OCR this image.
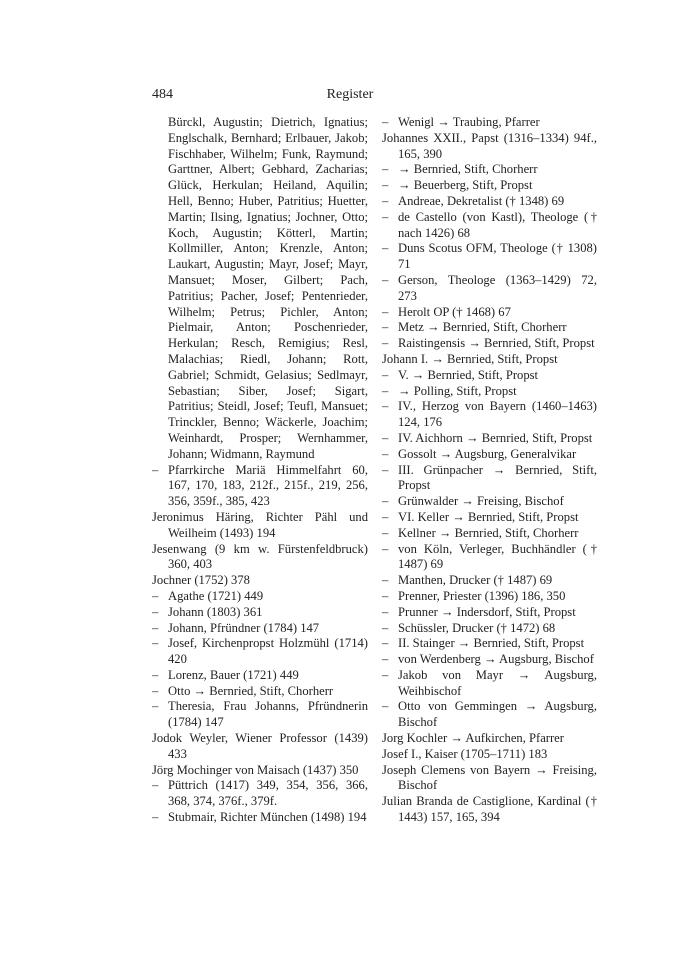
484	Register
Bürckl, Augustin; Dietrich, Ignatius; Englschalk, Bernhard; Erlbauer, Jakob; Fischhaber, Wilhelm; Funk, Raymund; Garttner, Albert; Gebhard, Zacharias; Glück, Herkulan; Heiland, Aquilin; Hell, Benno; Huber, Patritius; Huetter, Martin; Ilsing, Ignatius; Jochner, Otto; Koch, Augustin; Kötterl, Martin; Kollmiller, Anton; Krenzle, Anton; Laukart, Augustin; Mayr, Josef; Mayr, Mansuet; Moser, Gilbert; Pach, Patritius; Pacher, Josef; Pentenrieder, Wilhelm; Petrus; Pichler, Anton; Pielmair, Anton; Poschenrieder, Herkulan; Resch, Remigius; Resl, Malachias; Riedl, Johann; Rott, Gabriel; Schmidt, Gelasius; Sedlmayr, Sebastian; Siber, Josef; Sigart, Patritius; Steidl, Josef; Teufl, Mansuet; Trinckler, Benno; Wäckerle, Joachim; Weinhardt, Prosper; Wernhammer, Johann; Widmann, Raymund
– Pfarrkirche Mariä Himmelfahrt 60, 167, 170, 183, 212f., 215f., 219, 256, 356, 359f., 385, 423
Jeronimus Häring, Richter Pähl und Weilheim (1493) 194
Jesenwang (9 km w. Fürstenfeldbruck) 360, 403
Jochner (1752) 378
– Agathe (1721) 449
– Johann (1803) 361
– Johann, Pfründner (1784) 147
– Josef, Kirchenpropst Holzmühl (1714) 420
– Lorenz, Bauer (1721) 449
– Otto → Bernried, Stift, Chorherr
– Theresia, Frau Johanns, Pfründnerin (1784) 147
Jodok Weyler, Wiener Professor (1439) 433
Jörg Mochinger von Maisach (1437) 350
– Püttrich (1417) 349, 354, 356, 366, 368, 374, 376f., 379f.
– Stubmair, Richter München (1498) 194
– Wenigl → Traubing, Pfarrer
Johannes XXII., Papst (1316–1334) 94f., 165, 390
– → Bernried, Stift, Chorherr
– → Beuerberg, Stift, Propst
– Andreae, Dekretalist († 1348) 69
– de Castello (von Kastl), Theologe († nach 1426) 68
– Duns Scotus OFM, Theologe († 1308) 71
– Gerson, Theologe (1363–1429) 72, 273
– Herolt OP († 1468) 67
– Metz → Bernried, Stift, Chorherr
– Raistingensis → Bernried, Stift, Propst
Johann I. → Bernried, Stift, Propst
– V. → Bernried, Stift, Propst
– → Polling, Stift, Propst
– IV., Herzog von Bayern (1460–1463) 124, 176
– IV. Aichhorn → Bernried, Stift, Propst
– Gossolt → Augsburg, Generalvikar
– III. Grünpacher → Bernried, Stift, Propst
– Grünwalder → Freising, Bischof
– VI. Keller → Bernried, Stift, Propst
– Kellner → Bernried, Stift, Chorherr
– von Köln, Verleger, Buchhändler († 1487) 69
– Manthen, Drucker († 1487) 69
– Prenner, Priester (1396) 186, 350
– Prunner → Indersdorf, Stift, Propst
– Schüssler, Drucker († 1472) 68
– II. Stainger → Bernried, Stift, Propst
– von Werdenberg → Augsburg, Bischof
– Jakob von Mayr → Augsburg, Weihbischof
– Otto von Gemmingen → Augsburg, Bischof
Jorg Kochler → Aufkirchen, Pfarrer
Josef I., Kaiser (1705–1711) 183
Joseph Clemens von Bayern → Freising, Bischof
Julian Branda de Castiglione, Kardinal († 1443) 157, 165, 394
